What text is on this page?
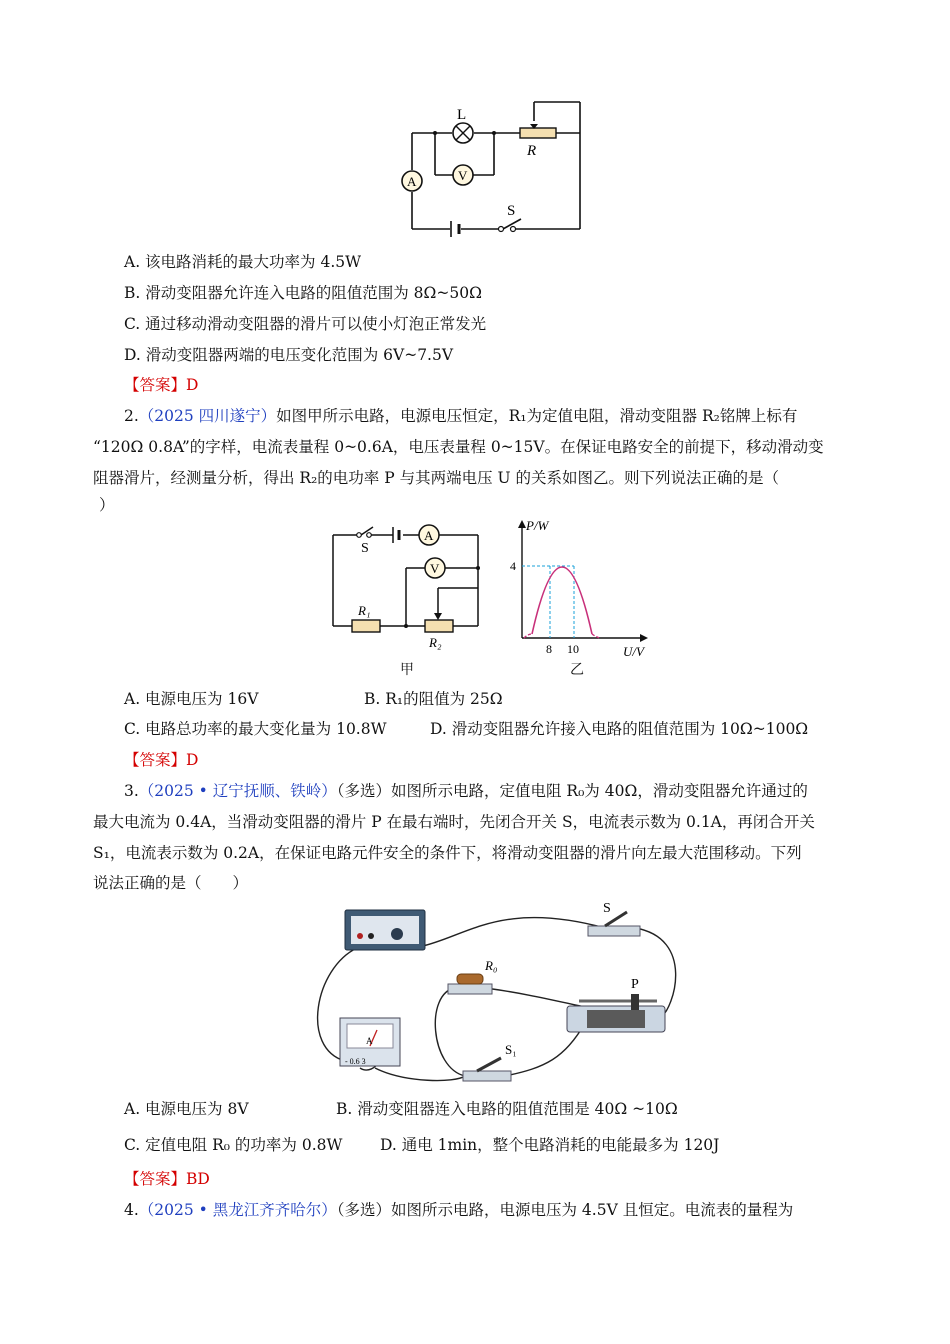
L
R
S
A	V
A. 该电路消耗的最大功率为 4.5W
B. 滑动变阻器允许连入电路的阻值范围为 8Ω~50Ω
C. 通过移动滑动变阻器的滑片可以使小灯泡正常发光
D. 滑动变阻器两端的电压变化范围为 6V~7.5V
【答案】D
2.（2025 四川遂宁）如图甲所示电路，电源电压恒定，R₁为定值电阻，滑动变阻器 R₂铭牌上标有
“120Ω 0.8A”的字样，电流表量程 0~0.6A，电压表量程 0~15V。在保证电路安全的前提下，移动滑动变
阻器滑片，经测量分析，得出 R₂的电功率 P 与其两端电压 U 的关系如图乙。则下列说法正确的是（
）
S
A
V
R₁
R₂
甲
P/W
U/V
4
8 10
乙
A. 电源电压为 16V	B. R₁的阻值为 25Ω
C. 电路总功率的最大变化量为 10.8W	D. 滑动变阻器允许接入电路的阻值范围为 10Ω~100Ω
【答案】D
3.（2025 • 辽宁抚顺、铁岭）（多选）如图所示电路，定值电阻 R₀为 40Ω，滑动变阻器允许通过的
最大电流为 0.4A，当滑动变阻器的滑片 P 在最右端时，先闭合开关 S，电流表示数为 0.1A，再闭合开关
S₁，电流表示数为 0.2A，在保证电路元件安全的条件下，将滑动变阻器的滑片向左最大范围移动。下列
说法正确的是（　　）
S
R₀
P
A
- 0.6 3
S₁
A. 电源电压为 8V	B. 滑动变阻器连入电路的阻值范围是 40Ω ~10Ω
C. 定值电阻 R₀ 的功率为 0.8W D. 通电 1min，整个电路消耗的电能最多为 120J
【答案】BD
4.（2025 • 黑龙江齐齐哈尔）（多选）如图所示电路，电源电压为 4.5V 且恒定。电流表的量程为
